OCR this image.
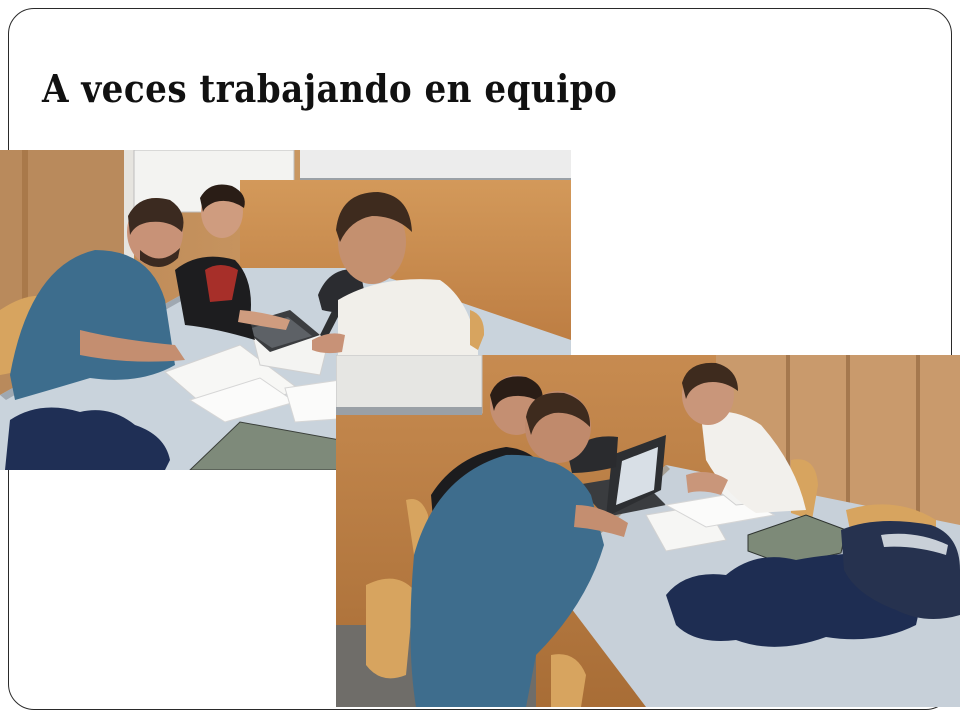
A veces trabajando en equipo
